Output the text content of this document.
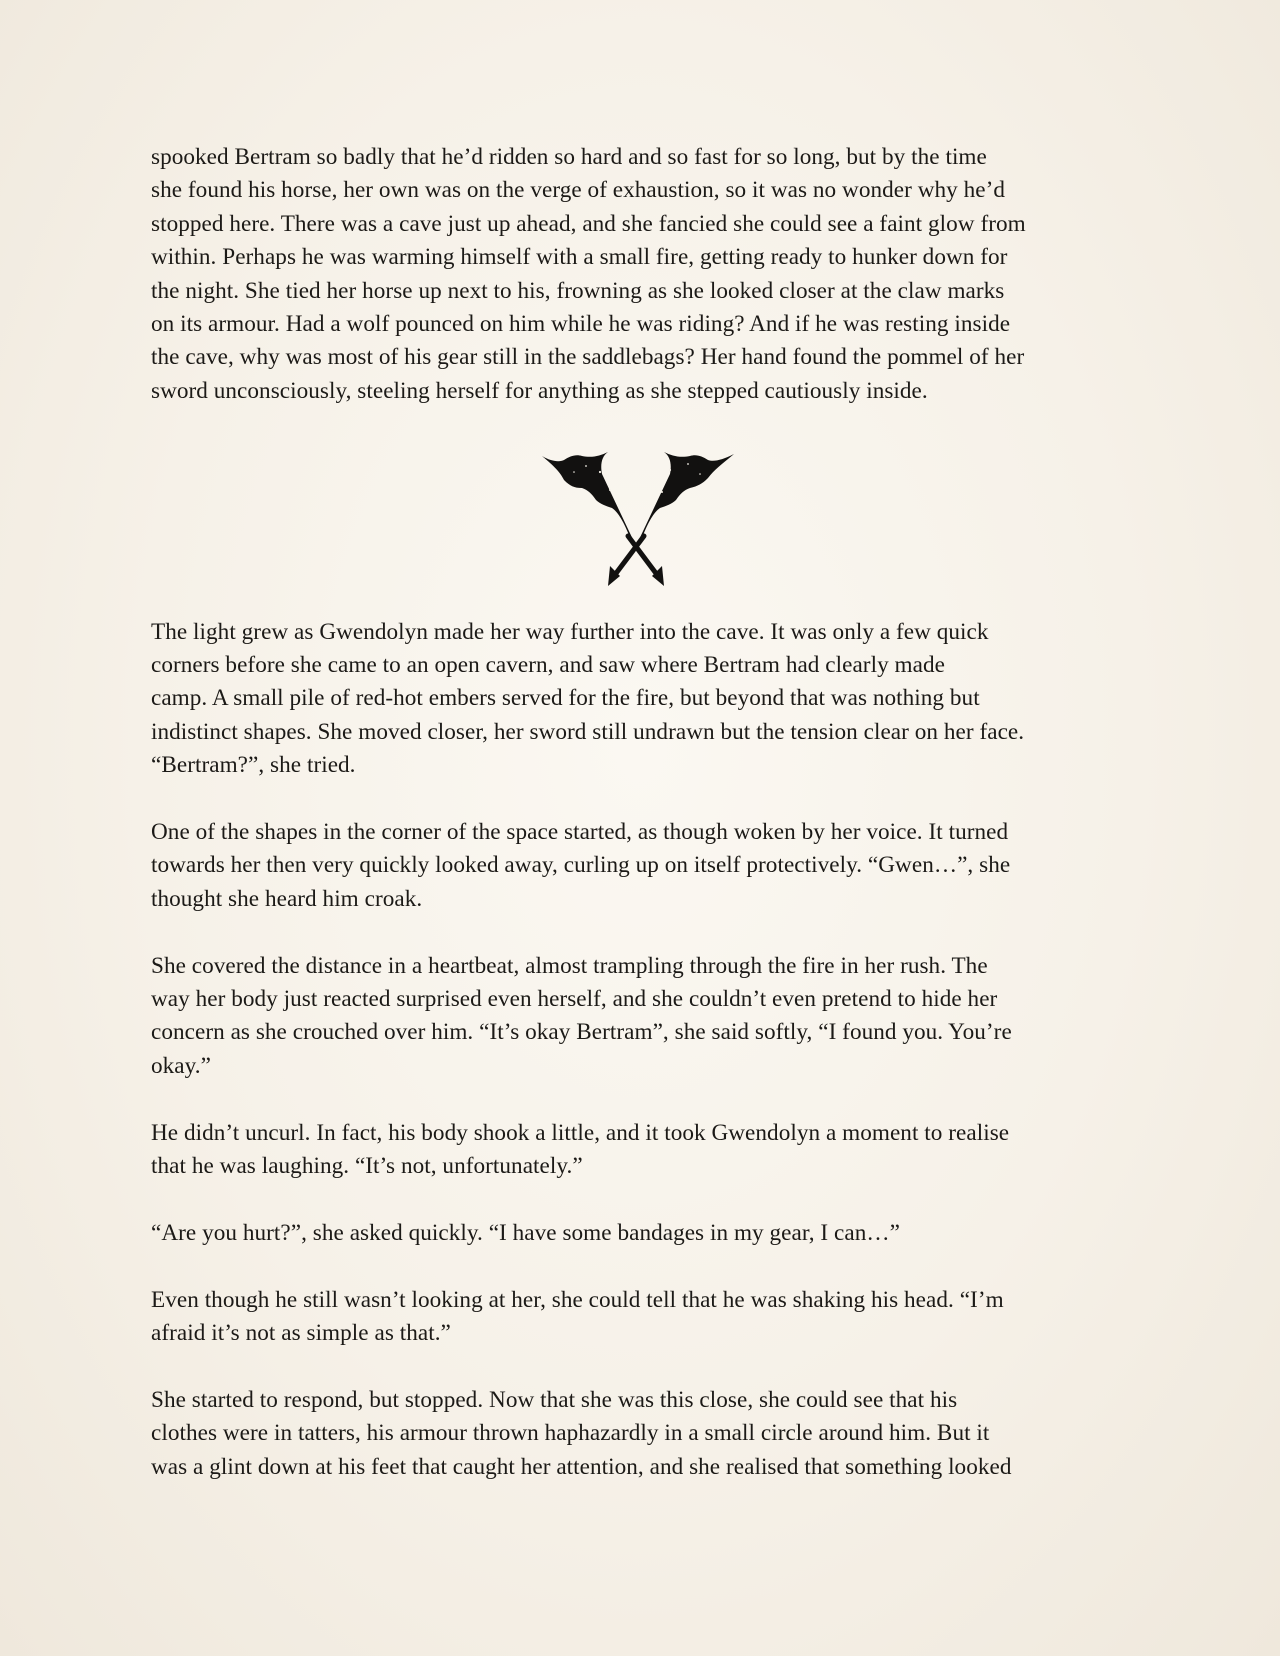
spooked Bertram so badly that he’d ridden so hard and so fast for so long, but by the time
she found his horse, her own was on the verge of exhaustion, so it was no wonder why he’d
stopped here. There was a cave just up ahead, and she fancied she could see a faint glow from
within. Perhaps he was warming himself with a small fire, getting ready to hunker down for
the night. She tied her horse up next to his, frowning as she looked closer at the claw marks
on its armour. Had a wolf pounced on him while he was riding? And if he was resting inside
the cave, why was most of his gear still in the saddlebags? Her hand found the pommel of her
sword unconsciously, steeling herself for anything as she stepped cautiously inside.
The light grew as Gwendolyn made her way further into the cave. It was only a few quick
corners before she came to an open cavern, and saw where Bertram had clearly made
camp. A small pile of red-hot embers served for the fire, but beyond that was nothing but
indistinct shapes. She moved closer, her sword still undrawn but the tension clear on her face.
“Bertram?”, she tried.
One of the shapes in the corner of the space started, as though woken by her voice. It turned
towards her then very quickly looked away, curling up on itself protectively. “Gwen…”, she
thought she heard him croak.
She covered the distance in a heartbeat, almost trampling through the fire in her rush. The
way her body just reacted surprised even herself, and she couldn’t even pretend to hide her
concern as she crouched over him. “It’s okay Bertram”, she said softly, “I found you. You’re
okay.”
He didn’t uncurl. In fact, his body shook a little, and it took Gwendolyn a moment to realise
that he was laughing. “It’s not, unfortunately.”
“Are you hurt?”, she asked quickly. “I have some bandages in my gear, I can…”
Even though he still wasn’t looking at her, she could tell that he was shaking his head. “I’m
afraid it’s not as simple as that.”
She started to respond, but stopped. Now that she was this close, she could see that his
clothes were in tatters, his armour thrown haphazardly in a small circle around him. But it
was a glint down at his feet that caught her attention, and she realised that something looked
